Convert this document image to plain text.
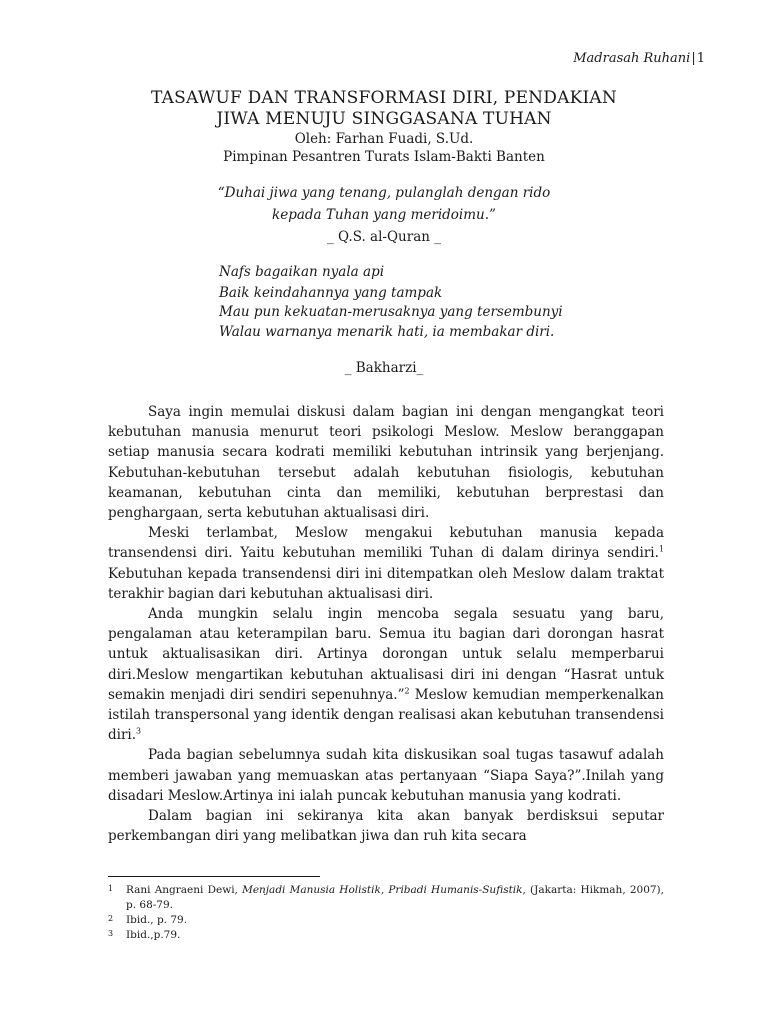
Madrasah Ruhani|1
TASAWUF DAN TRANSFORMASI DIRI, PENDAKIAN
JIWA MENUJU SINGGASANA TUHAN
Oleh: Farhan Fuadi, S.Ud.
Pimpinan Pesantren Turats Islam-Bakti Banten
“Duhai jiwa yang tenang, pulanglah dengan rido
kepada Tuhan yang meridoimu.”
_ Q.S. al-Quran _
Nafs bagaikan nyala api
Baik keindahannya yang tampak
Mau pun kekuatan-merusaknya yang tersembunyi
Walau warnanya menarik hati, ia membakar diri.
_ Bakharzi_

Saya ingin memulai diskusi dalam bagian ini dengan mengangkat teori kebutuhan manusia menurut teori psikologi Meslow. Meslow beranggapan setiap manusia secara kodrati memiliki kebutuhan intrinsik yang berjenjang. Kebutuhan-kebutuhan tersebut adalah kebutuhan fisiologis, kebutuhan keamanan, kebutuhan cinta dan memiliki, kebutuhan berprestasi dan penghargaan, serta kebutuhan aktualisasi diri.

Meski terlambat, Meslow mengakui kebutuhan manusia kepada transendensi diri. Yaitu kebutuhan memiliki Tuhan di dalam dirinya sendiri.$^1$ Kebutuhan kepada transendensi diri ini ditempatkan oleh Meslow dalam traktat terakhir bagian dari kebutuhan aktualisasi diri.

Anda mungkin selalu ingin mencoba segala sesuatu yang baru, pengalaman atau keterampilan baru. Semua itu bagian dari dorongan hasrat untuk aktualisasikan diri. Artinya dorongan untuk selalu memperbarui diri.Meslow mengartikan kebutuhan aktualisasi diri ini dengan “Hasrat untuk semakin menjadi diri sendiri sepenuhnya.”$^2$ Meslow kemudian memperkenalkan istilah transpersonal yang identik dengan realisasi akan kebutuhan transendensi diri.$^3$

Pada bagian sebelumnya sudah kita diskusikan soal tugas tasawuf adalah memberi jawaban yang memuaskan atas pertanyaan “Siapa Saya?”.Inilah yang disadari Meslow.Artinya ini ialah puncak kebutuhan manusia yang kodrati.

Dalam bagian ini sekiranya kita akan banyak berdisksui seputar perkembangan diri yang melibatkan jiwa dan ruh kita secara

1 Rani Angraeni Dewi, Menjadi Manusia Holistik, Pribadi Humanis-Sufistik, (Jakarta: Hikmah, 2007), p. 68-79.
2 Ibid., p. 79.
3 Ibid.,p.79.
